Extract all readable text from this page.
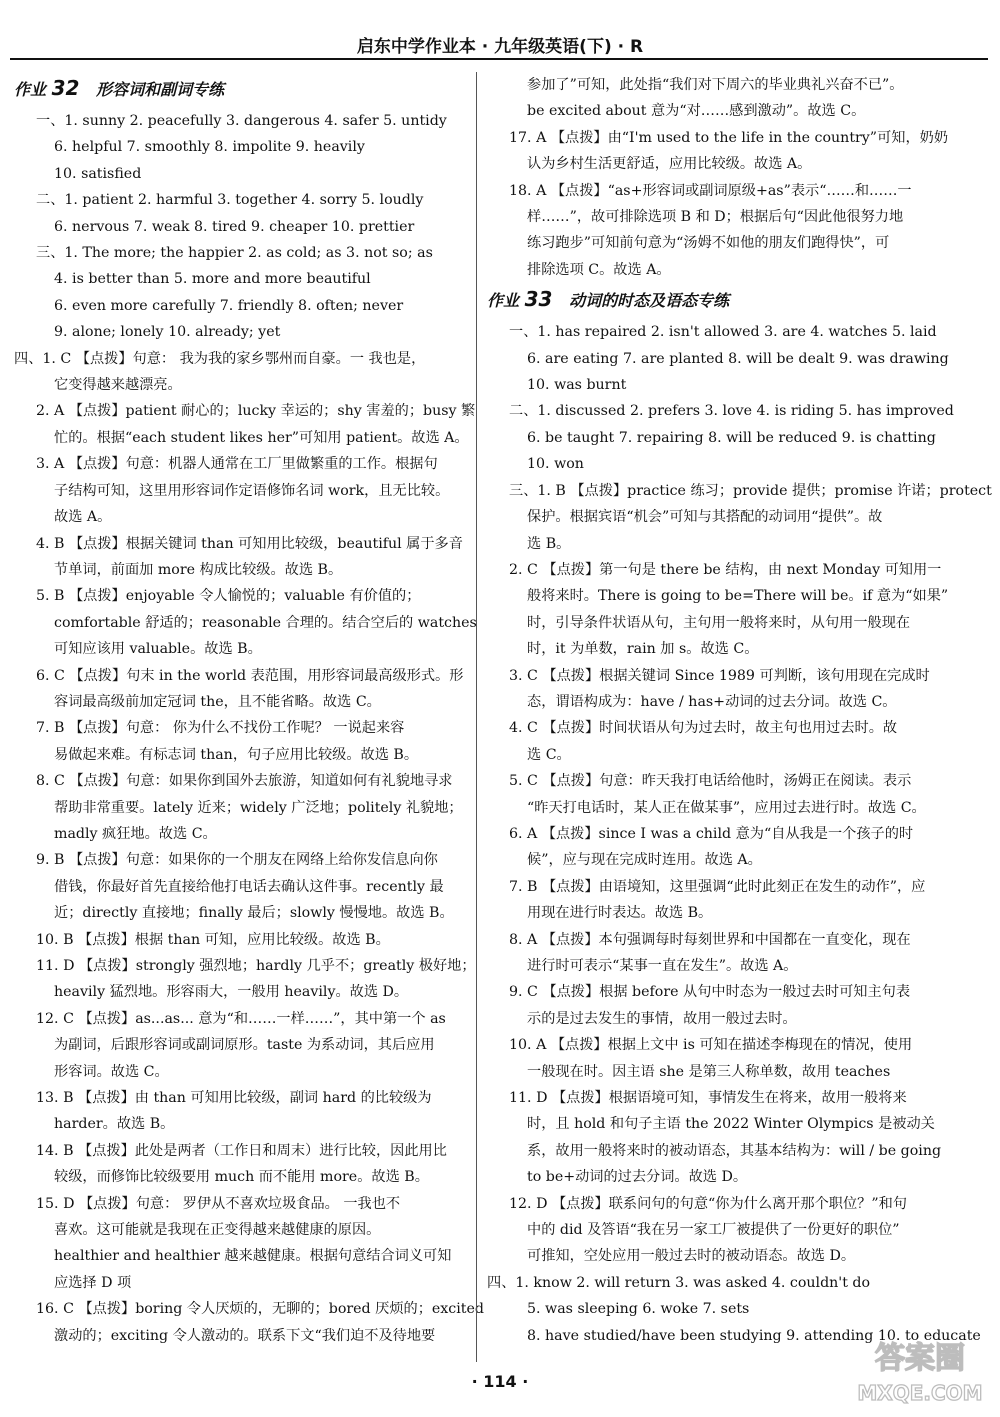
启东中学作业本 · 九年级英语(下) · R
作业 32 形容词和副词专练
一、1. sunny 2. peacefully 3. dangerous 4. safer 5. untidy
6. helpful 7. smoothly 8. impolite 9. heavily
10. satisfied
二、1. patient 2. harmful 3. together 4. sorry 5. loudly
6. nervous 7. weak 8. tired 9. cheaper 10. prettier
三、1. The more; the happier 2. as cold; as 3. not so; as
4. is better than 5. more and more beautiful
6. even more carefully 7. friendly 8. often; never
9. alone; lonely 10. already; yet
四、1. C 【点拨】句意： 我为我的家乡鄂州而自豪。一 我也是，
它变得越来越漂亮。
2. A 【点拨】patient 耐心的；lucky 幸运的；shy 害羞的；busy 繁
忙的。根据“each student likes her”可知用 patient。故选 A。
3. A 【点拨】句意：机器人通常在工厂里做繁重的工作。根据句
子结构可知，这里用形容词作定语修饰名词 work，且无比较。
故选 A。
4. B 【点拨】根据关键词 than 可知用比较级，beautiful 属于多音
节单词，前面加 more 构成比较级。故选 B。
5. B 【点拨】enjoyable 令人愉悦的；valuable 有价值的；
comfortable 舒适的；reasonable 合理的。结合空后的 watches
可知应该用 valuable。故选 B。
6. C 【点拨】句末 in the world 表范围，用形容词最高级形式。形
容词最高级前加定冠词 the，且不能省略。故选 C。
7. B 【点拨】句意： 你为什么不找份工作呢？ 一说起来容
易做起来难。有标志词 than，句子应用比较级。故选 B。
8. C 【点拨】句意：如果你到国外去旅游，知道如何有礼貌地寻求
帮助非常重要。lately 近来；widely 广泛地；politely 礼貌地；
madly 疯狂地。故选 C。
9. B 【点拨】句意：如果你的一个朋友在网络上给你发信息向你
借钱，你最好首先直接给他打电话去确认这件事。recently 最
近；directly 直接地；finally 最后；slowly 慢慢地。故选 B。
10. B 【点拨】根据 than 可知，应用比较级。故选 B。
11. D 【点拨】strongly 强烈地；hardly 几乎不；greatly 极好地；
heavily 猛烈地。形容雨大，一般用 heavily。故选 D。
12. C 【点拨】as...as... 意为“和……一样……”，其中第一个 as
为副词，后跟形容词或副词原形。taste 为系动词，其后应用
形容词。故选 C。
13. B 【点拨】由 than 可知用比较级，副词 hard 的比较级为
harder。故选 B。
14. B 【点拨】此处是两者（工作日和周末）进行比较，因此用比
较级，而修饰比较级要用 much 而不能用 more。故选 B。
15. D 【点拨】句意： 罗伊从不喜欢垃圾食品。 一我也不
喜欢。这可能就是我现在正变得越来越健康的原因。
healthier and healthier 越来越健康。根据句意结合词义可知
应选择 D 项
16. C 【点拨】boring 令人厌烦的，无聊的；bored 厌烦的；excited
激动的；exciting 令人激动的。联系下文“我们迫不及待地要
参加了”可知，此处指“我们对下周六的毕业典礼兴奋不已”。
be excited about 意为“对……感到激动”。故选 C。
17. A 【点拨】由“I'm used to the life in the country”可知，奶奶
认为乡村生活更舒适，应用比较级。故选 A。
18. A 【点拨】“as+形容词或副词原级+as”表示“……和……一
样……”，故可排除选项 B 和 D；根据后句“因此他很努力地
练习跑步”可知前句意为“汤姆不如他的朋友们跑得快”，可
排除选项 C。故选 A。
作业 33 动词的时态及语态专练
一、1. has repaired 2. isn't allowed 3. are 4. watches 5. laid
6. are eating 7. are planted 8. will be dealt 9. was drawing
10. was burnt
二、1. discussed 2. prefers 3. love 4. is riding 5. has improved
6. be taught 7. repairing 8. will be reduced 9. is chatting
10. won
三、1. B 【点拨】practice 练习；provide 提供；promise 许诺；protect
保护。根据宾语“机会”可知与其搭配的动词用“提供”。故
选 B。
2. C 【点拨】第一句是 there be 结构，由 next Monday 可知用一
般将来时。There is going to be=There will be。if 意为“如果”
时，引导条件状语从句，主句用一般将来时，从句用一般现在
时，it 为单数，rain 加 s。故选 C。
3. C 【点拨】根据关键词 Since 1989 可判断，该句用现在完成时
态，谓语构成为：have / has+动词的过去分词。故选 C。
4. C 【点拨】时间状语从句为过去时，故主句也用过去时。故
选 C。
5. C 【点拨】句意：昨天我打电话给他时，汤姆正在阅读。表示
“昨天打电话时，某人正在做某事”，应用过去进行时。故选 C。
6. A 【点拨】since I was a child 意为“自从我是一个孩子的时
候”，应与现在完成时连用。故选 A。
7. B 【点拨】由语境知，这里强调“此时此刻正在发生的动作”，应
用现在进行时表达。故选 B。
8. A 【点拨】本句强调每时每刻世界和中国都在一直变化，现在
进行时可表示“某事一直在发生”。故选 A。
9. C 【点拨】根据 before 从句中时态为一般过去时可知主句表
示的是过去发生的事情，故用一般过去时。
10. A 【点拨】根据上文中 is 可知在描述李梅现在的情况，使用
一般现在时。因主语 she 是第三人称单数，故用 teaches
11. D 【点拨】根据语境可知，事情发生在将来，故用一般将来
时，且 hold 和句子主语 the 2022 Winter Olympics 是被动关
系，故用一般将来时的被动语态，其基本结构为：will / be going
to be+动词的过去分词。故选 D。
12. D 【点拨】联系问句的句意“你为什么离开那个职位？”和句
中的 did 及答语“我在另一家工厂被提供了一份更好的职位”
可推知，空处应用一般过去时的被动语态。故选 D。
四、1. know 2. will return 3. was asked 4. couldn't do
5. was sleeping 6. woke 7. sets
8. have studied/have been studying 9. attending 10. to educate
· 114 ·
答案圈
MXQE.COM
